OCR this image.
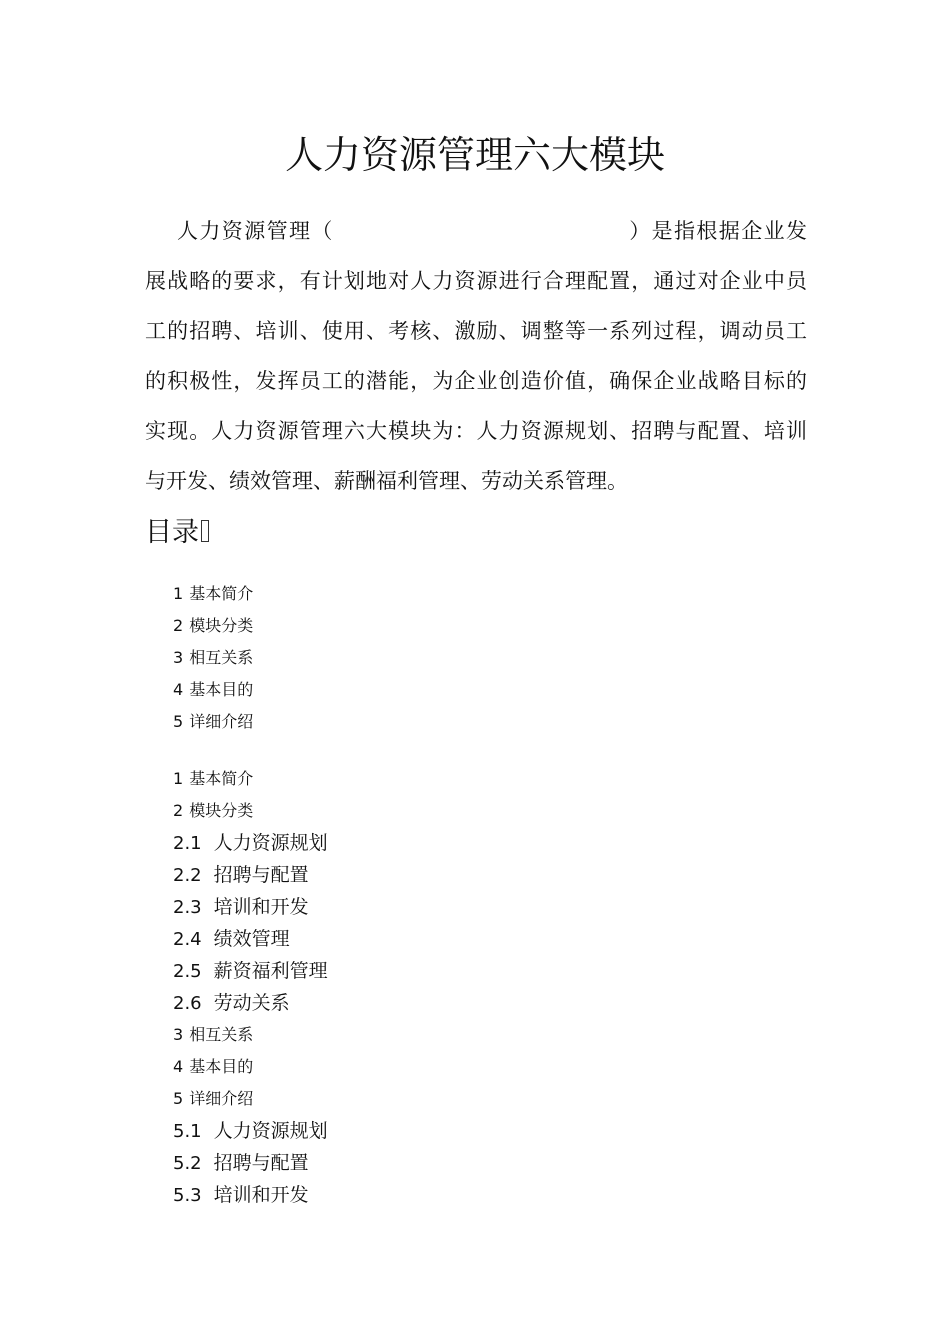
人力资源管理六大模块
人力资源管理（	）是指根据企业发
展战略的要求，有计划地对人力资源进行合理配置，通过对企业中员
工的招聘、培训、使用、考核、激励、调整等一系列过程，调动员工
的积极性，发挥员工的潜能，为企业创造价值，确保企业战略目标的
实现。人力资源管理六大模块为：人力资源规划、招聘与配置、培训
与开发、绩效管理、薪酬福利管理、劳动关系管理。
目录
1 基本简介
2 模块分类
3 相互关系
4 基本目的
5 详细介绍
1 基本简介
2 模块分类
2.1 人力资源规划
2.2 招聘与配置
2.3 培训和开发
2.4 绩效管理
2.5 薪资福利管理
2.6 劳动关系
3 相互关系
4 基本目的
5 详细介绍
5.1 人力资源规划
5.2 招聘与配置
5.3 培训和开发
